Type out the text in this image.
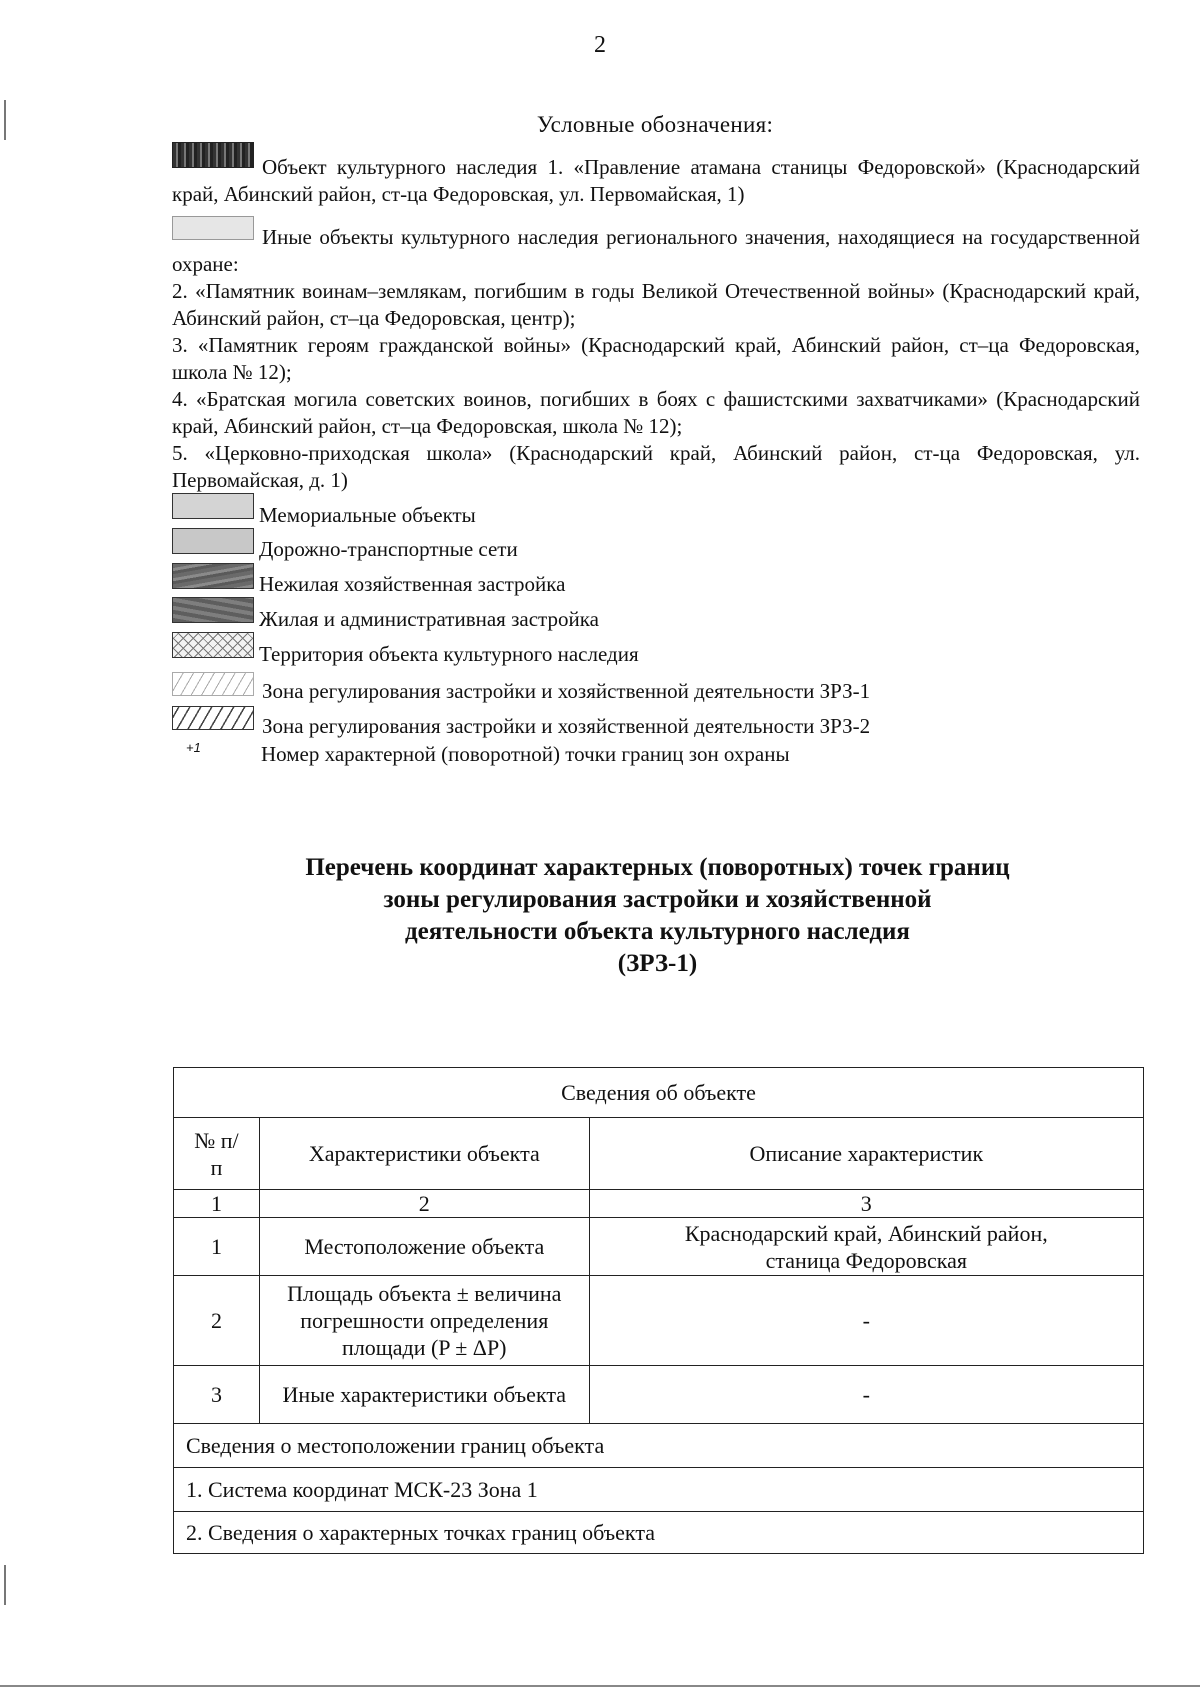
2
Условные обозначения:

Объект культурного наследия 1. «Правление атамана станицы Федоровской» (Краснодарский край, Абинский район, ст-ца Федоровская, ул. Первомайская, 1)

Иные объекты культурного наследия регионального значения, находящиеся на государственной охране:

2. «Памятник воинам–землякам, погибшим в годы Великой Отечественной войны» (Краснодарский край, Абинский район, ст–ца Федоровская, центр);

3. «Памятник героям гражданской войны» (Краснодарский край, Абинский район, ст–ца Федоровская, школа № 12);

4. «Братская могила советских воинов, погибших в боях с фашистскими захватчиками» (Краснодарский край, Абинский район, ст–ца Федоровская, школа № 12);

5. «Церковно-приходская школа» (Краснодарский край, Абинский район, ст-ца Федоровская, ул. Первомайская, д. 1)

Мемориальные объекты
Дорожно-транспортные сети
Нежилая хозяйственная застройка
Жилая и административная застройка
Территория объекта культурного наследия
Зона регулирования застройки и хозяйственной деятельности ЗРЗ-1
Зона регулирования застройки и хозяйственной деятельности ЗРЗ-2
+1	Номер характерной (поворотной) точки границ зон охраны
Перечень координат характерных (поворотных) точек границ
зоны регулирования застройки и хозяйственной
деятельности объекта культурного наследия
(ЗРЗ-1)
Сведения об объекте		
№ п/п	Характеристики объекта	Описание характеристик
1	2	3
1	Местоположение объекта	Краснодарский край, Абинский район, станица Федоровская
2	Площадь объекта ± величина погрешности определения площади (P ± ΔP)	-
3	Иные характеристики объекта	-
Сведения о местоположении границ объекта		
1. Система координат МСК-23 Зона 1		
2. Сведения о характерных точках границ объекта		
